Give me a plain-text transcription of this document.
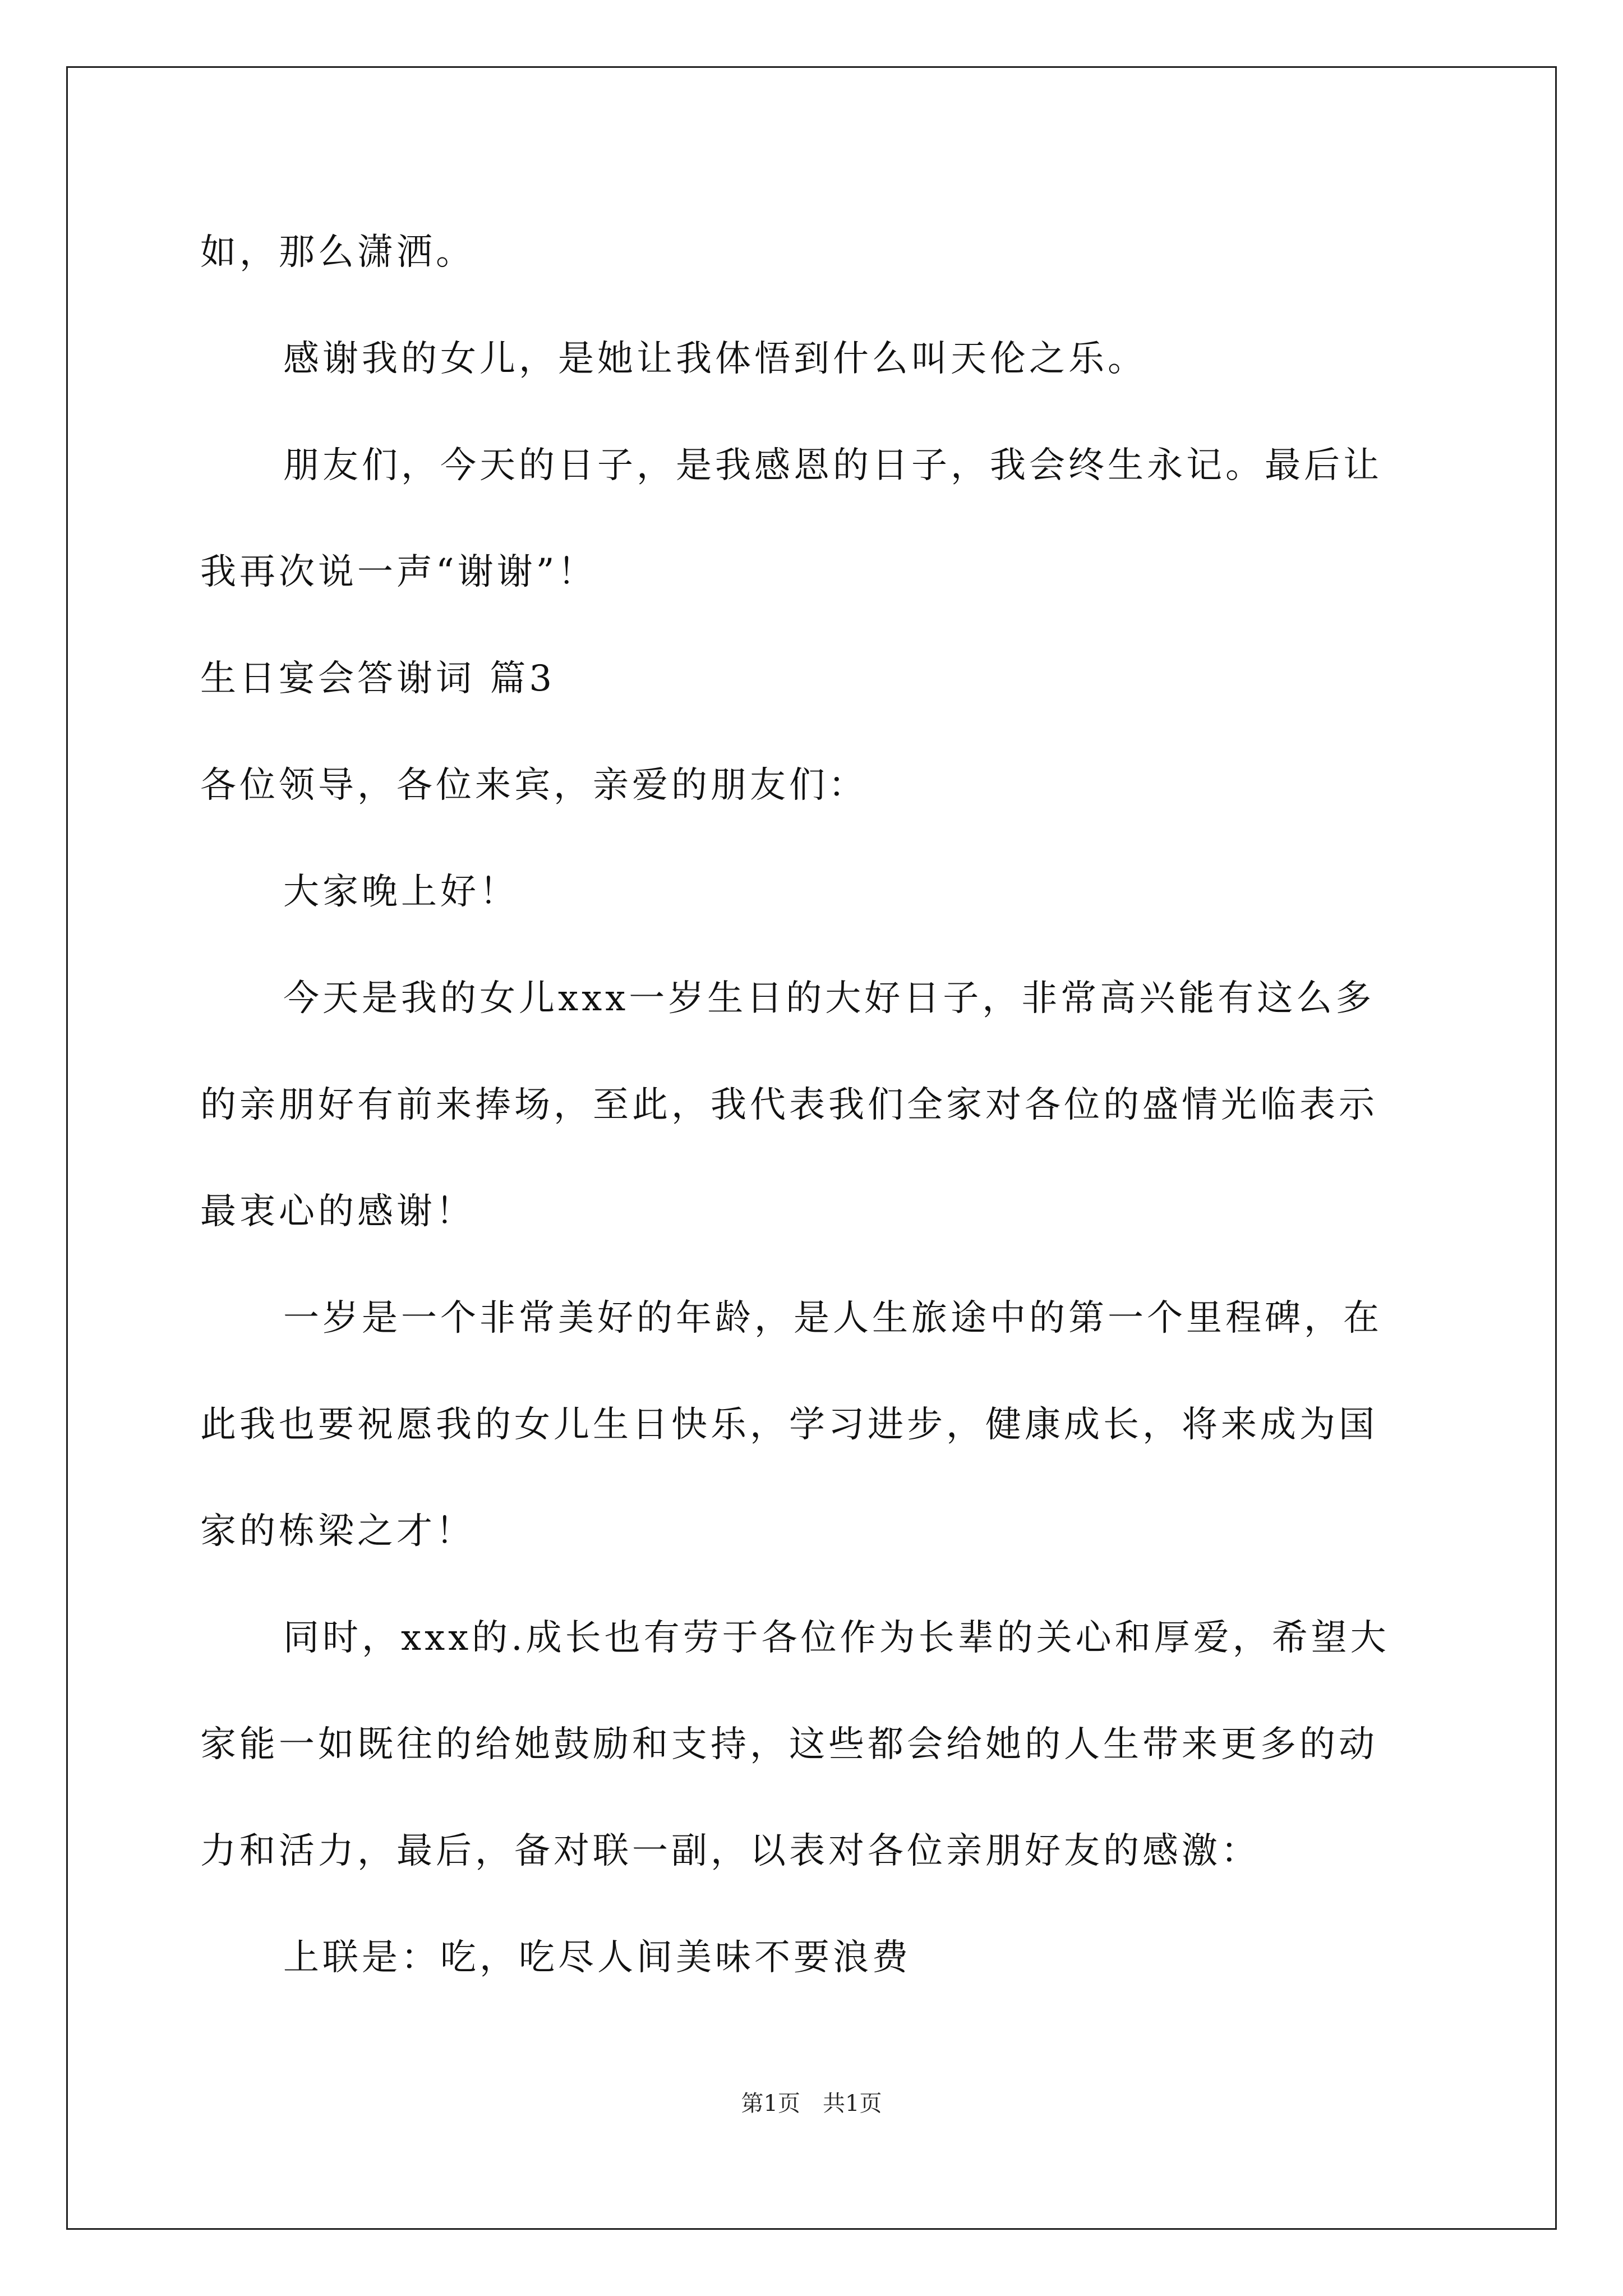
如，那么潇洒。
感谢我的女儿，是她让我体悟到什么叫天伦之乐。
朋友们，今天的日子，是我感恩的日子，我会终生永记。最后让
我再次说一声“谢谢”！
生日宴会答谢词 篇3
各位领导，各位来宾，亲爱的朋友们：
大家晚上好！
今天是我的女儿xxx一岁生日的大好日子，非常高兴能有这么多
的亲朋好有前来捧场，至此，我代表我们全家对各位的盛情光临表示
最衷心的感谢！
一岁是一个非常美好的年龄，是人生旅途中的第一个里程碑，在
此我也要祝愿我的女儿生日快乐，学习进步，健康成长，将来成为国
家的栋梁之才！
同时，xxx的.成长也有劳于各位作为长辈的关心和厚爱，希望大
家能一如既往的给她鼓励和支持，这些都会给她的人生带来更多的动
力和活力，最后，备对联一副，以表对各位亲朋好友的感激：
上联是：吃，吃尽人间美味不要浪费
第1页 共1页
